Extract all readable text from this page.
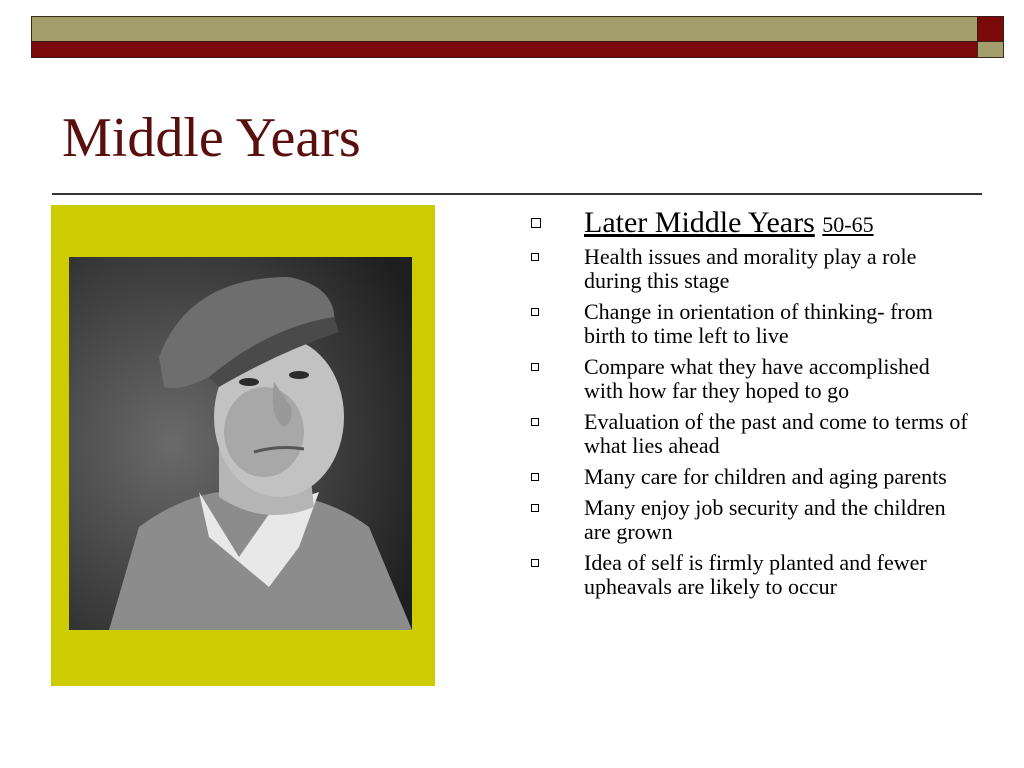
Middle Years
Later Middle Years 50-65
Health issues and morality play a role during this stage
Change in orientation of thinking- from birth to time left to live
Compare what they have accomplished with how far they hoped to go
Evaluation of the past and come to terms of what lies ahead
Many care for children and aging parents
Many enjoy job security and the children are grown
Idea of self is firmly planted and fewer upheavals are likely to occur
